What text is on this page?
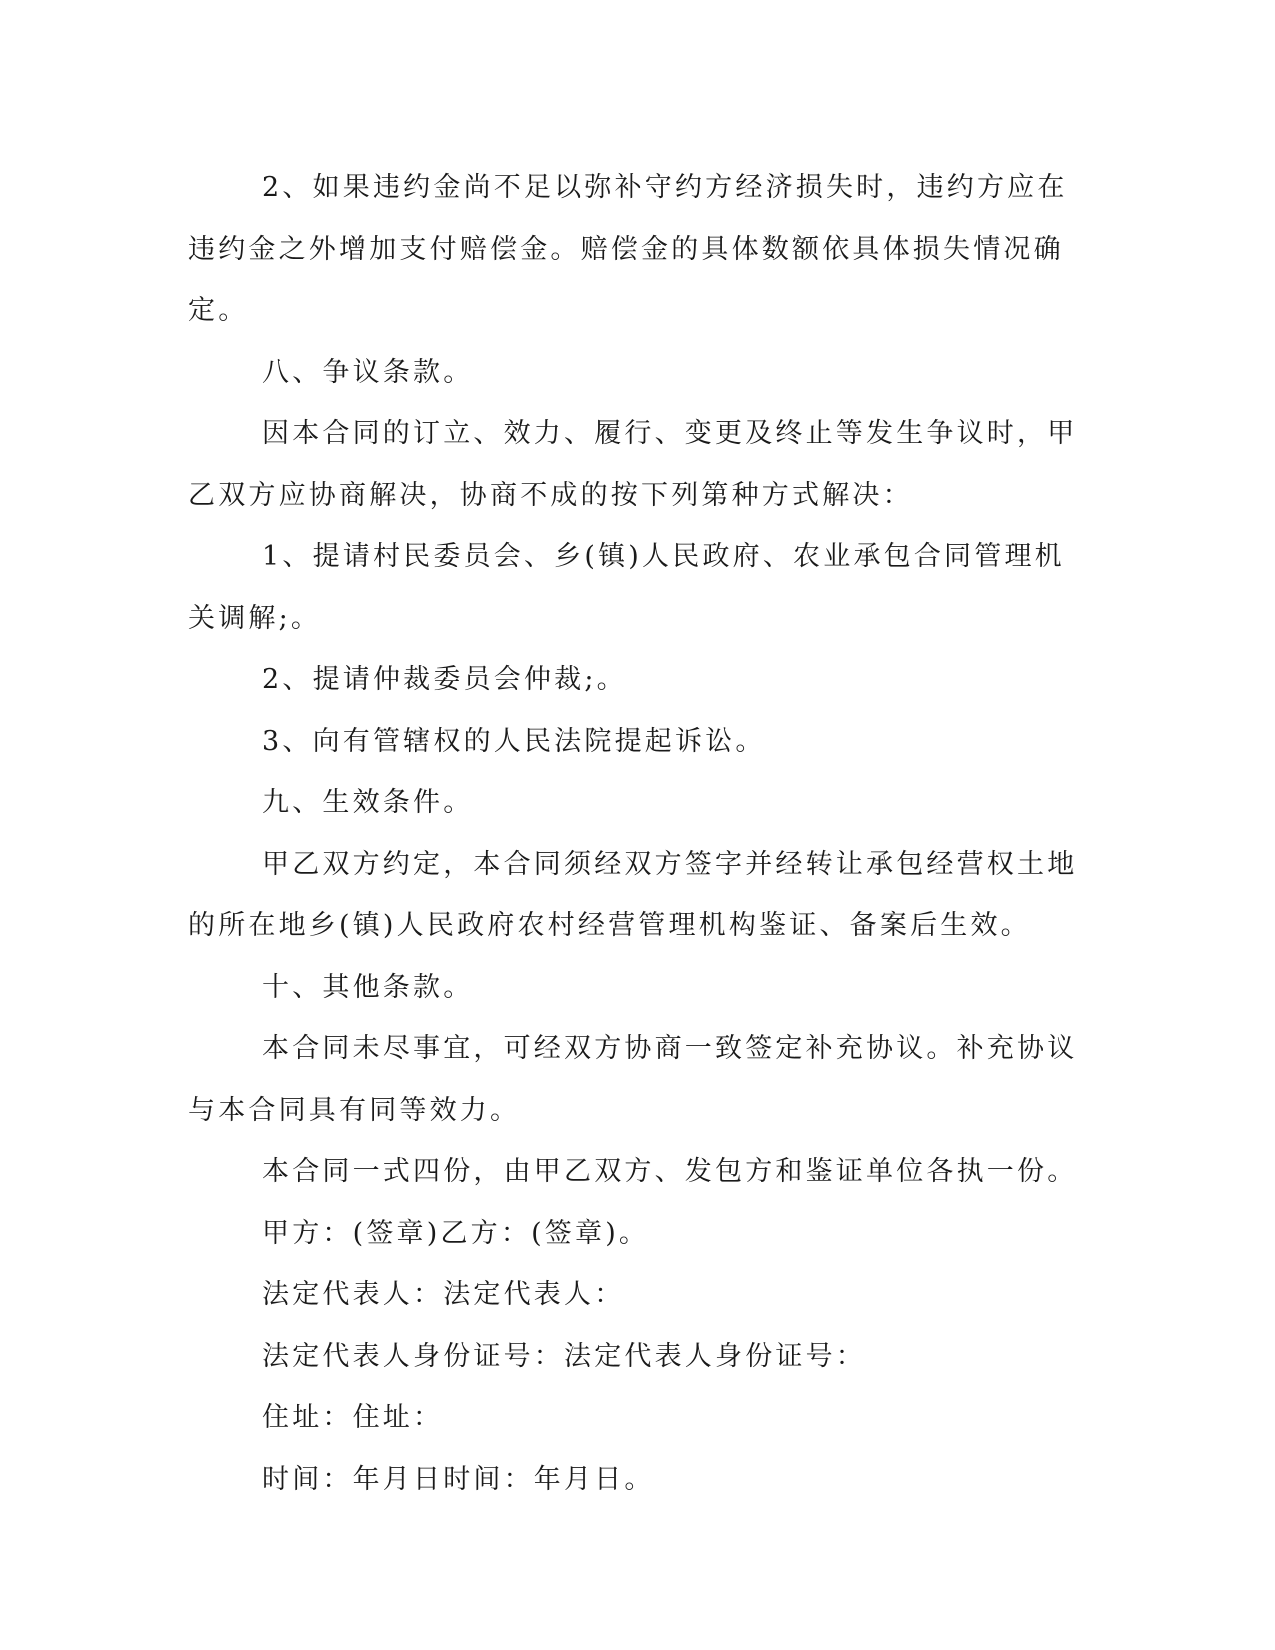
2、如果违约金尚不足以弥补守约方经济损失时，违约方应在违约金之外增加支付赔偿金。赔偿金的具体数额依具体损失情况确定。

八、争议条款。

因本合同的订立、效力、履行、变更及终止等发生争议时，甲乙双方应协商解决，协商不成的按下列第种方式解决：

1、提请村民委员会、乡(镇)人民政府、农业承包合同管理机关调解;。

2、提请仲裁委员会仲裁;。

3、向有管辖权的人民法院提起诉讼。

九、生效条件。

甲乙双方约定，本合同须经双方签字并经转让承包经营权土地的所在地乡(镇)人民政府农村经营管理机构鉴证、备案后生效。

十、其他条款。

本合同未尽事宜，可经双方协商一致签定补充协议。补充协议与本合同具有同等效力。

本合同一式四份，由甲乙双方、发包方和鉴证单位各执一份。

甲方：(签章)乙方：(签章)。

法定代表人：法定代表人：

法定代表人身份证号：法定代表人身份证号：

住址：住址：

时间：年月日时间：年月日。
